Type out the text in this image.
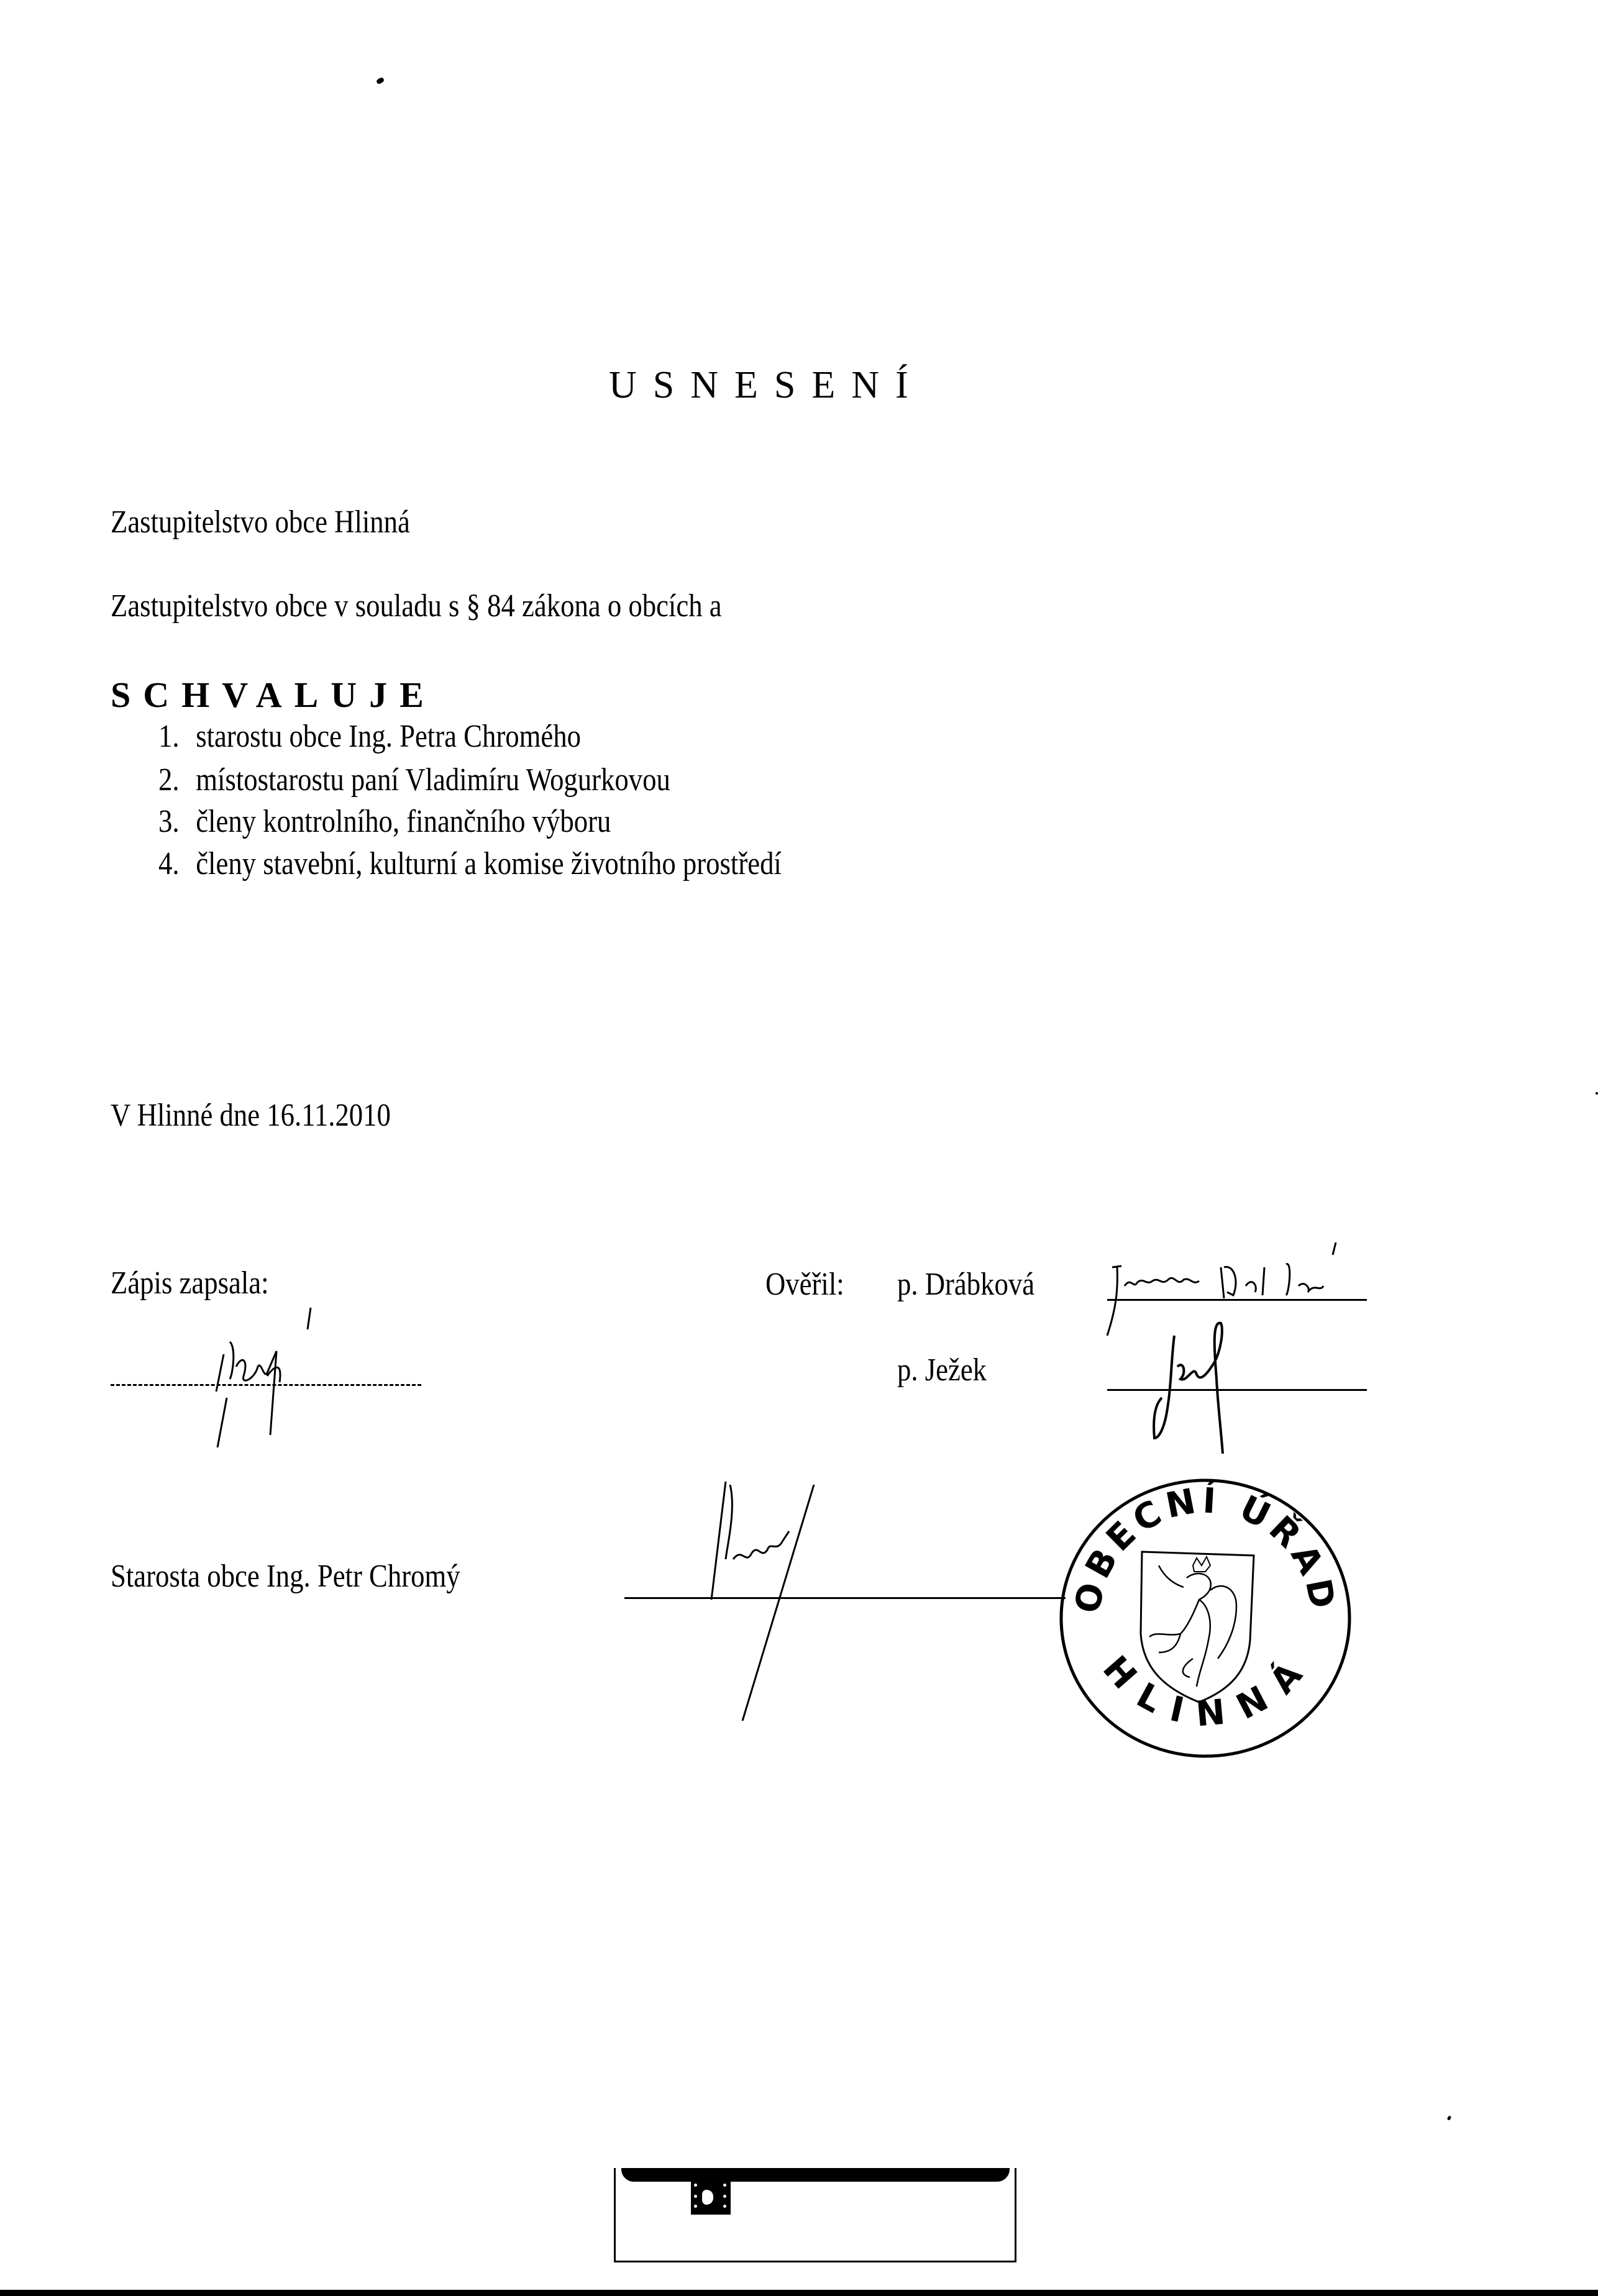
USNESENÍ
Zastupitelstvo obce Hlinná
Zastupitelstvo obce v souladu s § 84 zákona o obcích a
SCHVALUJE
1. starostu obce Ing. Petra Chromého
2. místostarostu paní Vladimíru Wogurkovou
3. členy kontrolního, finančního výboru
4. členy stavební, kulturní a komise životního prostředí
V Hlinné dne 16.11.2010
Zápis zapsala:	Ověřil: p. Drábková
p. Ježek
Starosta obce Ing. Petr Chromý	OBECNÍ ÚŘAD
HLINNÁ
